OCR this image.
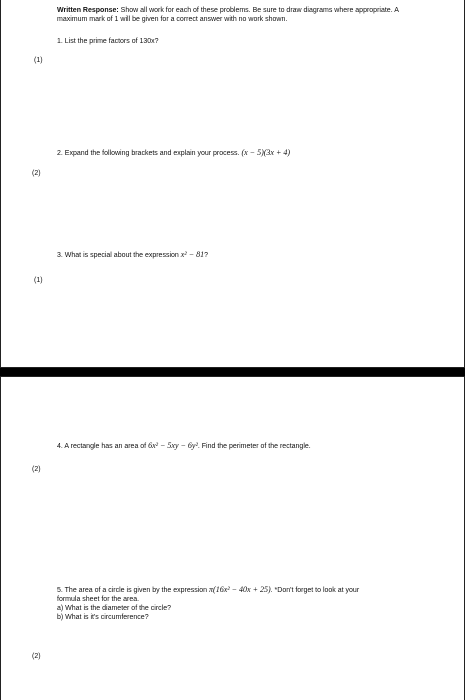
Written Response: Show all work for each of these problems. Be sure to draw diagrams where appropriate. A maximum mark of 1 will be given for a correct answer with no work shown.
1. List the prime factors of 130x?
(1)
2. Expand the following brackets and explain your process. (x − 5)(3x + 4)
(2)
3. What is special about the expression x² − 81?
(1)
4. A rectangle has an area of 6x² − 5xy − 6y². Find the perimeter of the rectangle.
(2)
5. The area of a circle is given by the expression π(16x² − 40x + 25). *Don't forget to look at your
formula sheet for the area.
a) What is the diameter of the circle?
b) What is it's circumference?
(2)
